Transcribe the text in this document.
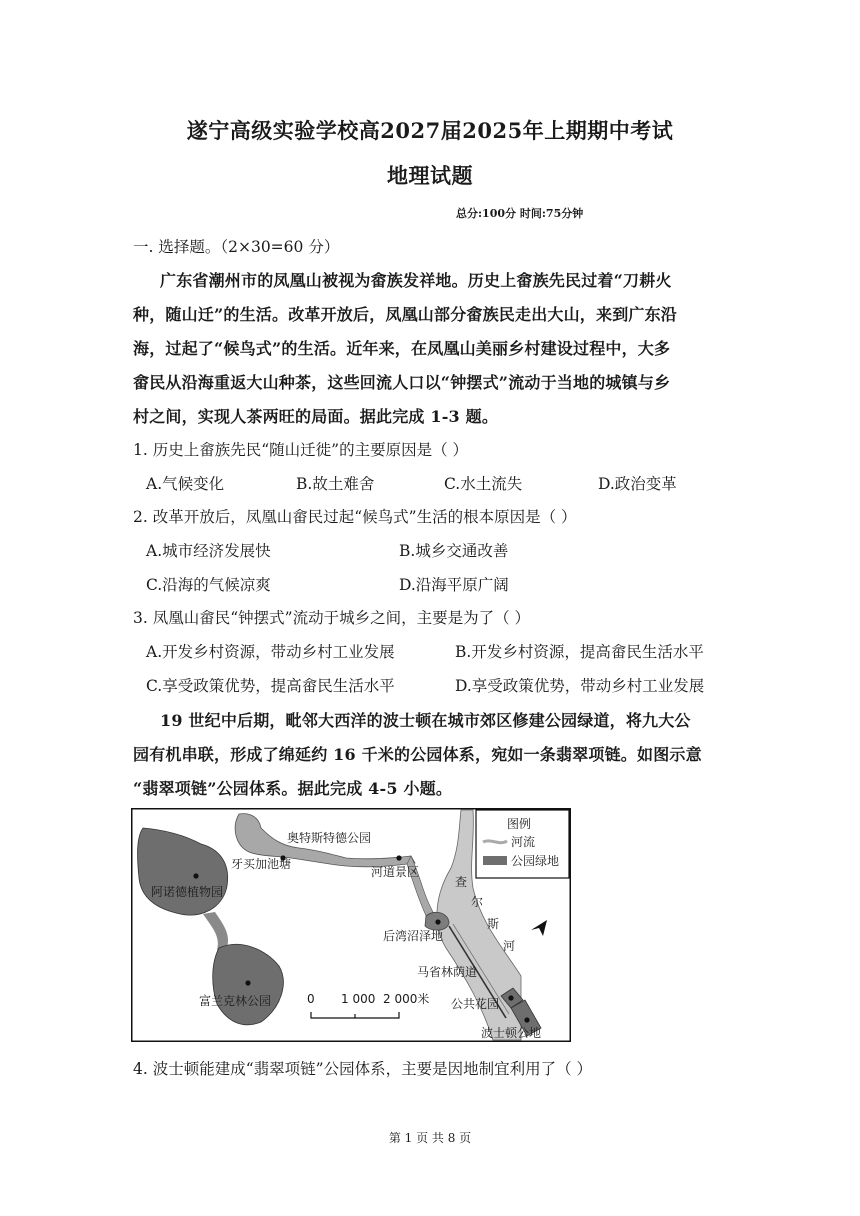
遂宁高级实验学校高2027届2025年上期期中考试
地理试题
总分:100分 时间:75分钟
一. 选择题。（2×30=60 分）
广东省潮州市的凤凰山被视为畲族发祥地。历史上畲族先民过着“刀耕火
种，随山迁”的生活。改革开放后，凤凰山部分畲族民走出大山，来到广东沿
海，过起了“候鸟式”的生活。近年来，在凤凰山美丽乡村建设过程中，大多
畲民从沿海重返大山种茶，这些回流人口以“钟摆式”流动于当地的城镇与乡
村之间，实现人茶两旺的局面。据此完成 1-3 题。
1. 历史上畲族先民“随山迁徙”的主要原因是（ ）
A.气候变化	B.故土难舍	C.水土流失	D.政治变革
2. 改革开放后，凤凰山畲民过起“候鸟式”生活的根本原因是（ ）
A.城市经济发展快	B.城乡交通改善
C.沿海的气候凉爽	D.沿海平原广阔
3. 凤凰山畲民“钟摆式”流动于城乡之间，主要是为了（ ）
A.开发乡村资源，带动乡村工业发展	B.开发乡村资源，提高畲民生活水平
C.享受政策优势，提高畲民生活水平	D.享受政策优势，带动乡村工业发展
19 世纪中后期，毗邻大西洋的波士顿在城市郊区修建公园绿道，将九大公
园有机串联，形成了绵延约 16 千米的公园体系，宛如一条翡翠项链。如图示意
“翡翠项链”公园体系。据此完成 4-5 小题。
图例
河流
公园绿地
奥特斯特德公园
牙买加池塘
阿诺德植物园
河道景区
后湾沼泽地
查
尔
斯
河
马省林荫道
富兰克林公园	公共花园
波士顿公地
0 1 000 2 000米
4. 波士顿能建成“翡翠项链”公园体系，主要是因地制宜利用了（ ）
第 1 页 共 8 页
